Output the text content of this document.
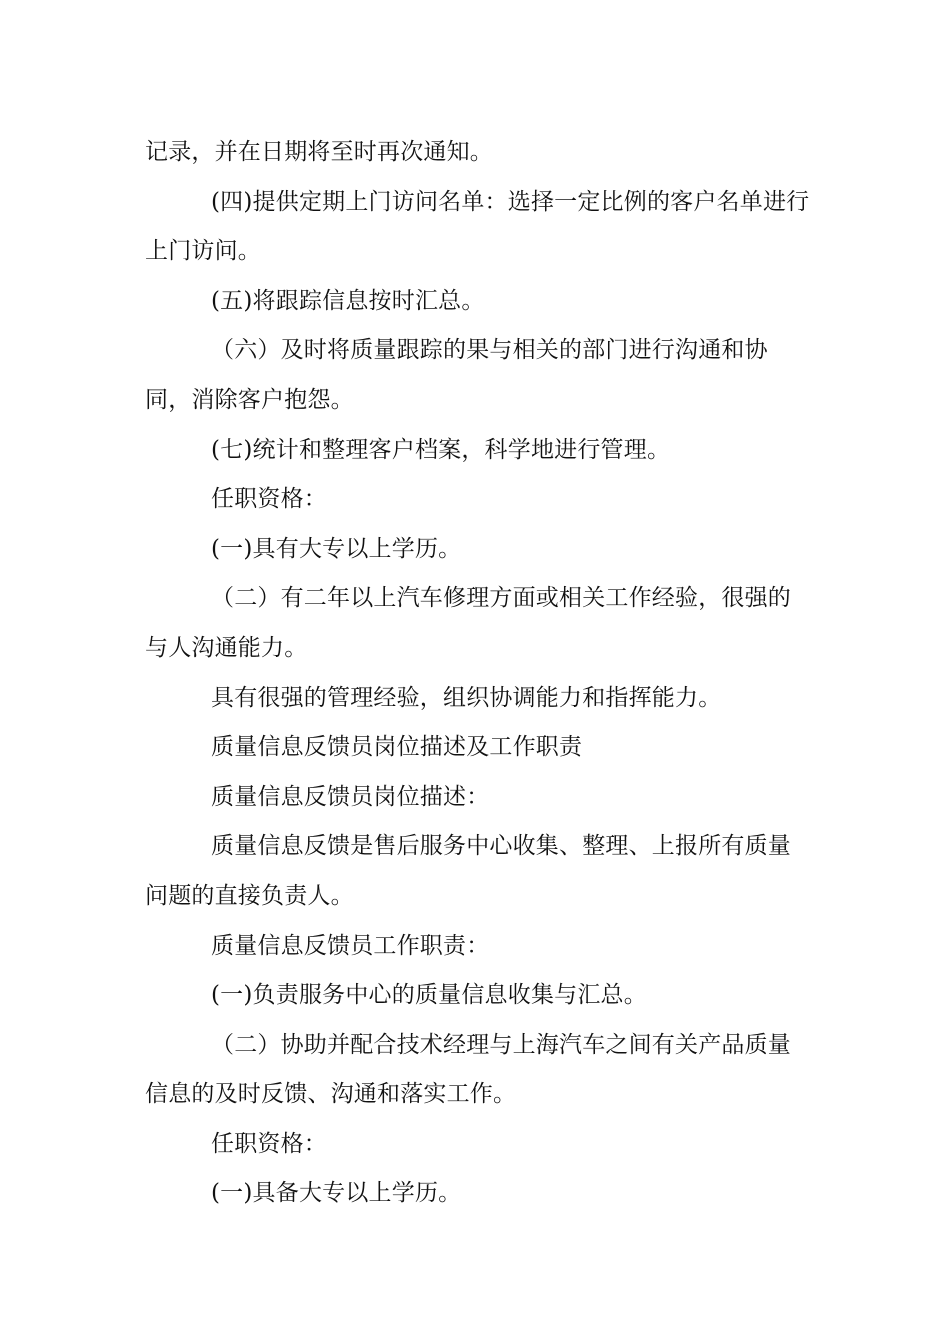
记录，并在日期将至时再次通知。

(四)提供定期上门访问名单：选择一定比例的客户名单进行上门访问。

(五)将跟踪信息按时汇总。

（六）及时将质量跟踪的果与相关的部门进行沟通和协同，消除客户抱怨。

(七)统计和整理客户档案，科学地进行管理。

任职资格：

(一)具有大专以上学历。

（二）有二年以上汽车修理方面或相关工作经验，很强的与人沟通能力。

具有很强的管理经验，组织协调能力和指挥能力。

质量信息反馈员岗位描述及工作职责

质量信息反馈员岗位描述：

质量信息反馈是售后服务中心收集、整理、上报所有质量问题的直接负责人。

质量信息反馈员工作职责：

(一)负责服务中心的质量信息收集与汇总。

（二）协助并配合技术经理与上海汽车之间有关产品质量信息的及时反馈、沟通和落实工作。

任职资格：

(一)具备大专以上学历。
